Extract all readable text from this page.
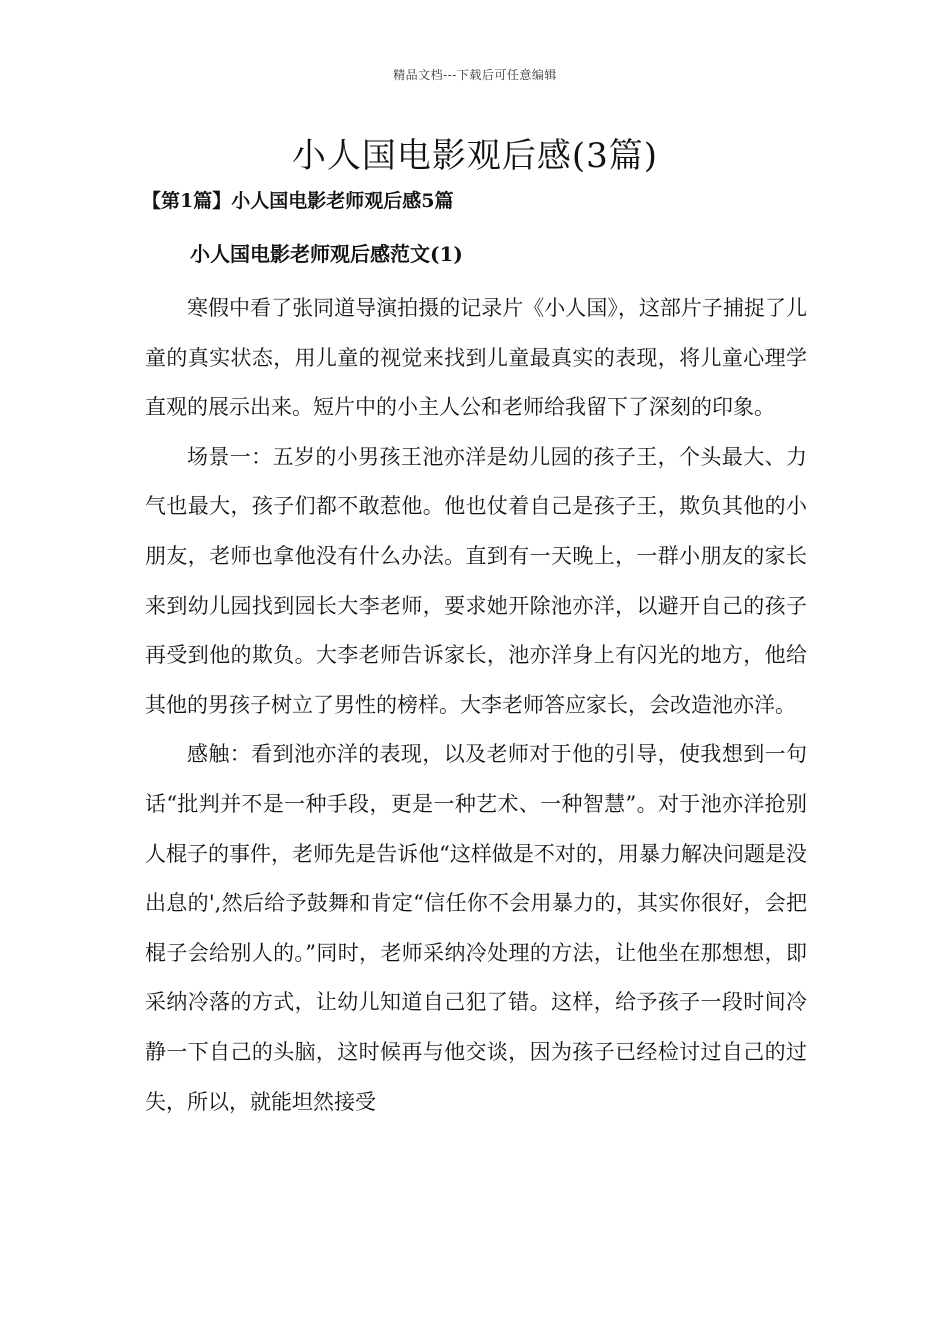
精品文档---下载后可任意编辑
小人国电影观后感(3篇)
【第1篇】小人国电影老师观后感5篇
小人国电影老师观后感范文(1)

寒假中看了张同道导演拍摄的记录片《小人国》，这部片子捕捉了儿童的真实状态，用儿童的视觉来找到儿童最真实的表现，将儿童心理学直观的展示出来。短片中的小主人公和老师给我留下了深刻的印象。

场景一：五岁的小男孩王池亦洋是幼儿园的孩子王，个头最大、力气也最大，孩子们都不敢惹他。他也仗着自己是孩子王，欺负其他的小朋友，老师也拿他没有什么办法。直到有一天晚上，一群小朋友的家长来到幼儿园找到园长大李老师，要求她开除池亦洋，以避开自己的孩子再受到他的欺负。大李老师告诉家长，池亦洋身上有闪光的地方，他给其他的男孩子树立了男性的榜样。大李老师答应家长，会改造池亦洋。

感触：看到池亦洋的表现，以及老师对于他的引导，使我想到一句话“批判并不是一种手段，更是一种艺术、一种智慧”。对于池亦洋抢别人棍子的事件，老师先是告诉他“这样做是不对的，用暴力解决问题是没出息的',然后给予鼓舞和肯定“信任你不会用暴力的，其实你很好，会把棍子会给别人的。”同时，老师采纳冷处理的方法，让他坐在那想想，即采纳冷落的方式，让幼儿知道自己犯了错。这样，给予孩子一段时间冷静一下自己的头脑，这时候再与他交谈，因为孩子已经检讨过自己的过失，所以，就能坦然接受
